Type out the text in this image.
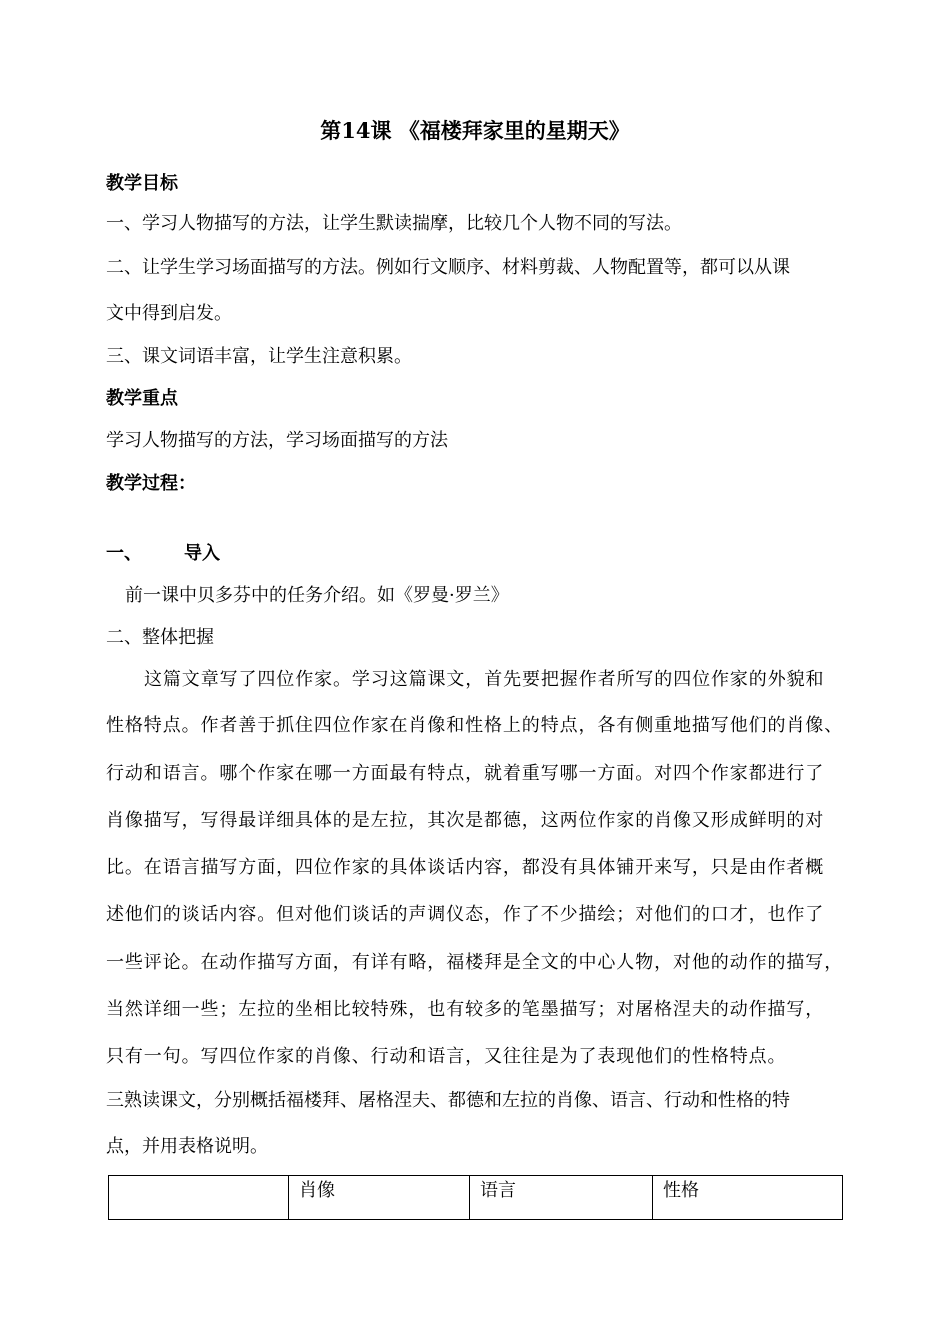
第14课 《福楼拜家里的星期天》
教学目标
一、学习人物描写的方法，让学生默读揣摩，比较几个人物不同的写法。
二、让学生学习场面描写的方法。例如行文顺序、材料剪裁、人物配置等，都可以从课
文中得到启发。
三、课文词语丰富，让学生注意积累。
教学重点
学习人物描写的方法，学习场面描写的方法
教学过程：
一、 导入
前一课中贝多芬中的任务介绍。如《罗曼·罗兰》
二、整体把握
这篇文章写了四位作家。学习这篇课文，首先要把握作者所写的四位作家的外貌和
性格特点。作者善于抓住四位作家在肖像和性格上的特点，各有侧重地描写他们的肖像、
行动和语言。哪个作家在哪一方面最有特点，就着重写哪一方面。对四个作家都进行了
肖像描写，写得最详细具体的是左拉，其次是都德，这两位作家的肖像又形成鲜明的对
比。在语言描写方面，四位作家的具体谈话内容，都没有具体铺开来写，只是由作者概
述他们的谈话内容。但对他们谈话的声调仪态，作了不少描绘；对他们的口才，也作了
一些评论。在动作描写方面，有详有略，福楼拜是全文的中心人物，对他的动作的描写，
当然详细一些；左拉的坐相比较特殊，也有较多的笔墨描写；对屠格涅夫的动作描写，
只有一句。写四位作家的肖像、行动和语言，又往往是为了表现他们的性格特点。
三熟读课文，分别概括福楼拜、屠格涅夫、都德和左拉的肖像、语言、行动和性格的特
点，并用表格说明。
	肖像	语言	性格
